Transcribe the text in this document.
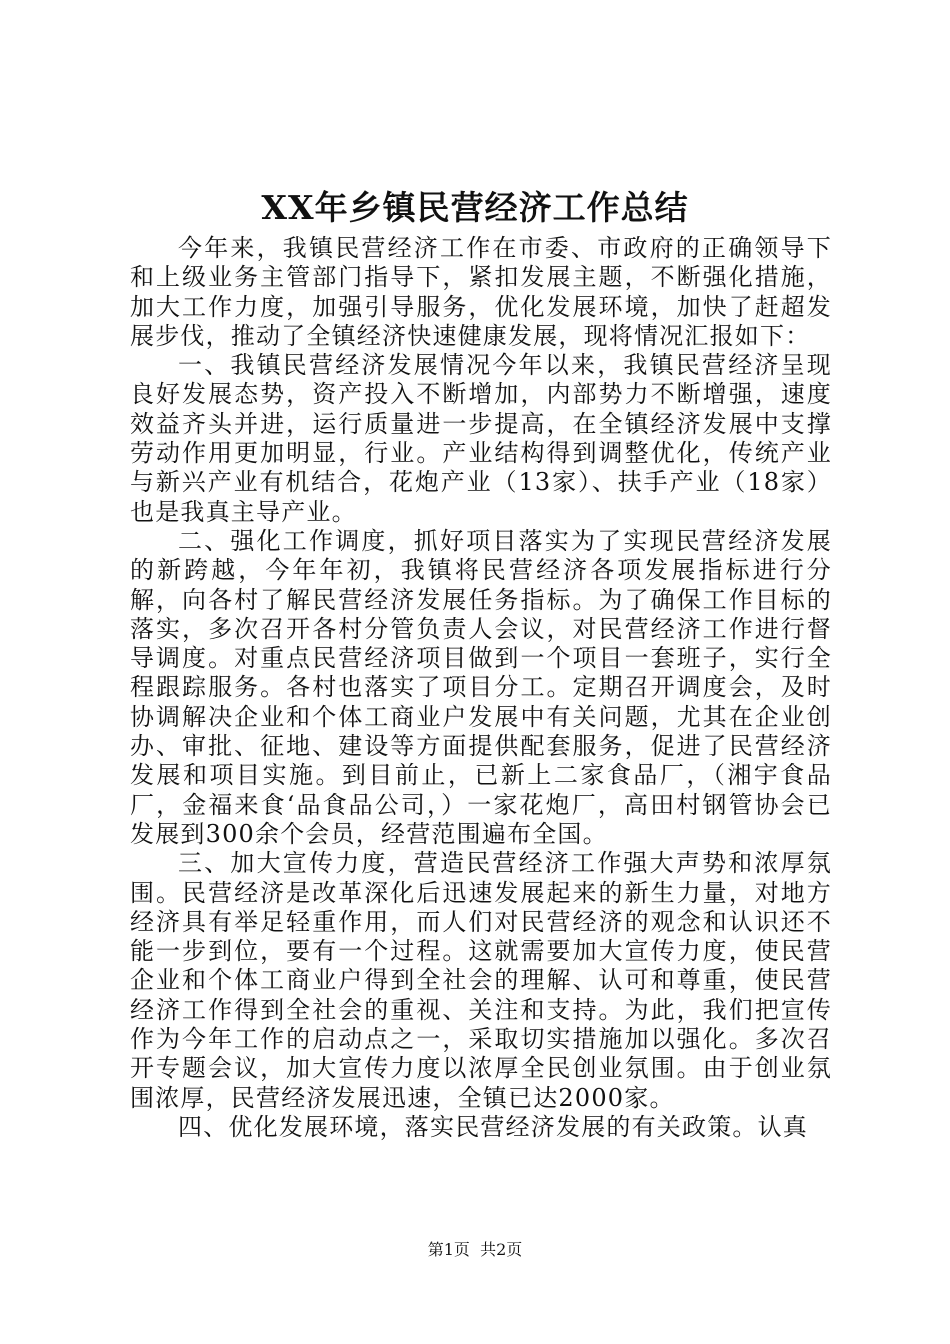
XX年乡镇民营经济工作总结

今年来，我镇民营经济工作在市委、市政府的正确领导下和上级业务主管部门指导下，紧扣发展主题，不断强化措施，加大工作力度，加强引导服务，优化发展环境，加快了赶超发展步伐，推动了全镇经济快速健康发展，现将情况汇报如下：

一、我镇民营经济发展情况今年以来，我镇民营经济呈现良好发展态势，资产投入不断增加，内部势力不断增强，速度效益齐头并进，运行质量进一步提高，在全镇经济发展中支撑劳动作用更加明显，行业。产业结构得到调整优化，传统产业与新兴产业有机结合，花炮产业（13家）、扶手产业（18家）也是我真主导产业。

二、强化工作调度，抓好项目落实为了实现民营经济发展的新跨越，今年年初，我镇将民营经济各项发展指标进行分解，向各村了解民营经济发展任务指标。为了确保工作目标的落实，多次召开各村分管负责人会议，对民营经济工作进行督导调度。对重点民营经济项目做到一个项目一套班子，实行全程跟踪服务。各村也落实了项目分工。定期召开调度会，及时协调解决企业和个体工商业户发展中有关问题，尤其在企业创办、审批、征地、建设等方面提供配套服务，促进了民营经济发展和项目实施。到目前止，已新上二家食品厂，（湘宇食品厂，金福来食‘品食品公司，）一家花炮厂，高田村钢管协会已发展到300余个会员，经营范围遍布全国。

三、加大宣传力度，营造民营经济工作强大声势和浓厚氛围。民营经济是改革深化后迅速发展起来的新生力量，对地方经济具有举足轻重作用，而人们对民营经济的观念和认识还不能一步到位，要有一个过程。这就需要加大宣传力度，使民营企业和个体工商业户得到全社会的理解、认可和尊重，使民营经济工作得到全社会的重视、关注和支持。为此，我们把宣传作为今年工作的启动点之一，采取切实措施加以强化。多次召开专题会议，加大宣传力度以浓厚全民创业氛围。由于创业氛围浓厚，民营经济发展迅速，全镇已达2000家。

四、优化发展环境，落实民营经济发展的有关政策。认真

第1页 共2页
